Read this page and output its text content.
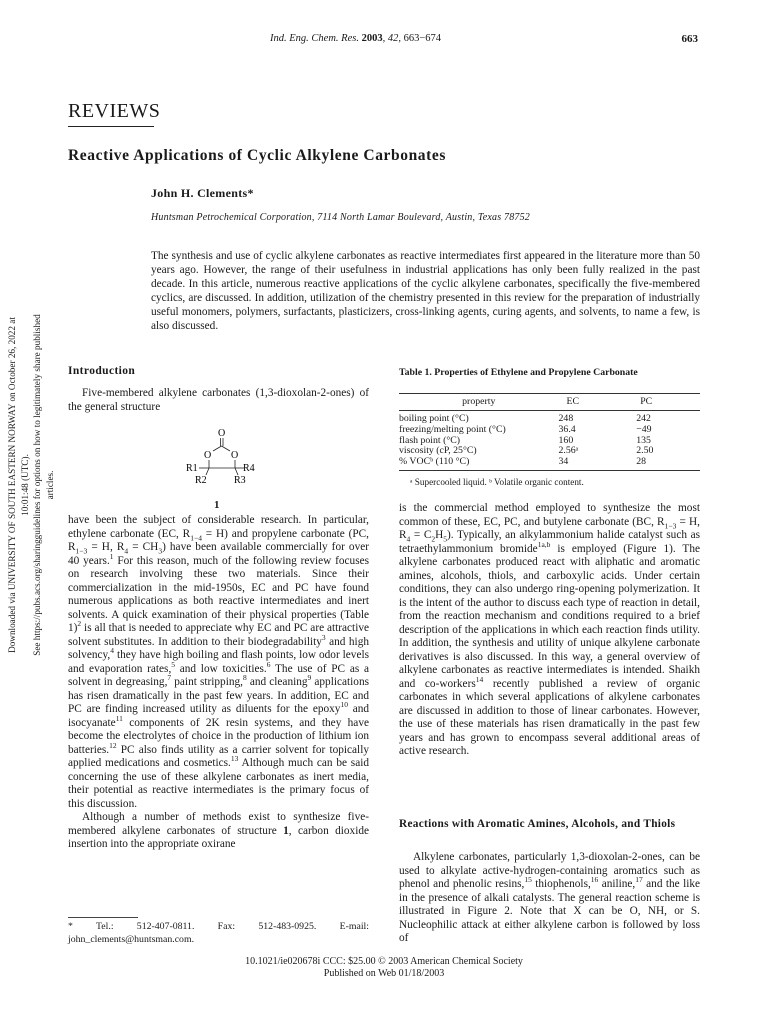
Ind. Eng. Chem. Res. 2003, 42, 663−674	663
Downloaded via UNIVERSITY OF SOUTH EASTERN NORWAY on October 26, 2022 at 10:01:48 (UTC). See https://pubs.acs.org/sharingguidelines for options on how to legitimately share published articles.
REVIEWS
Reactive Applications of Cyclic Alkylene Carbonates
John H. Clements*
Huntsman Petrochemical Corporation, 7114 North Lamar Boulevard, Austin, Texas 78752
The synthesis and use of cyclic alkylene carbonates as reactive intermediates first appeared in the literature more than 50 years ago. However, the range of their usefulness in industrial applications has only been fully realized in the past decade. In this article, numerous reactive applications of the cyclic alkylene carbonates, specifically the five-membered cyclics, are discussed. In addition, utilization of the chemistry presented in this review for the preparation of industrially useful monomers, polymers, surfactants, plasticizers, cross-linking agents, curing agents, and solvents, to name a few, is also discussed.
Introduction

Five-membered alkylene carbonates (1,3-dioxolan-2-ones) of the general structure

O
O O
R1
R2	R3
R4
1

have been the subject of considerable research. In particular, ethylene carbonate (EC, $R_{1-4} = H$) and propylene carbonate (PC, $R_{1-3} = H$, $R_4 = CH_3$) have been available commercially for over 40 years.$^1$ For this reason, much of the following review focuses on research involving these two materials. Since their commercialization in the mid-1950s, EC and PC have found numerous applications as both reactive intermediates and inert solvents. A quick examination of their physical properties (Table 1)$^2$ is all that is needed to appreciate why EC and PC are attractive solvent substitutes. In addition to their biodegradability$^3$ and high solvency,$^4$ they have high boiling and flash points, low odor levels and evaporation rates,$^5$ and low toxicities.$^6$ The use of PC as a solvent in degreasing,$^7$ paint stripping,$^8$ and cleaning$^9$ applications has risen dramatically in the past few years. In addition, EC and PC are finding increased utility as diluents for the epoxy$^{10}$ and isocyanate$^{11}$ components of 2K resin systems, and they have become the electrolytes of choice in the production of lithium ion batteries.$^{12}$ PC also finds utility as a carrier solvent for topically applied medications and cosmetics.$^{13}$ Although much can be said concerning the use of these alkylene carbonates as inert media, their potential as reactive intermediates is the primary focus of this discussion.

Although a number of methods exist to synthesize five-membered alkylene carbonates of structure 1, carbon dioxide insertion into the appropriate oxirane

* Tel.: 512-407-0811. Fax: 512-483-0925. E-mail: john_clements@huntsman.com.
Table 1. Properties of Ethylene and Propylene Carbonate
property	EC	PC
boiling point (°C)	248	242
freezing/melting point (°C)	36.4	−49
flash point (°C)	160	135
viscosity (cP, 25°C)	2.56ᵃ	2.50
% VOCᵇ (110 °C)	34	28
ᵃ Supercooled liquid. ᵇ Volatile organic content.

is the commercial method employed to synthesize the most common of these, EC, PC, and butylene carbonate (BC, $R_{1-3} = H$, $R_4 = C_2H_5$). Typically, an alkylammonium halide catalyst such as tetraethylammonium bromide$^{1a,b}$ is employed (Figure 1). The alkylene carbonates produced react with aliphatic and aromatic amines, alcohols, thiols, and carboxylic acids. Under certain conditions, they can also undergo ring-opening polymerization. It is the intent of the author to discuss each type of reaction in detail, from the reaction mechanism and conditions required to a brief description of the applications in which each reaction finds utility. In addition, the synthesis and utility of unique alkylene carbonate derivatives is also discussed. In this way, a general overview of alkylene carbonates as reactive intermediates is intended. Shaikh and co-workers$^{14}$ recently published a review of organic carbonates in which several applications of alkylene carbonates are discussed in addition to those of linear carbonates. However, the use of these materials has risen dramatically in the past few years and has grown to encompass several additional areas of active research.

Reactions with Aromatic Amines, Alcohols, and Thiols

Alkylene carbonates, particularly 1,3-dioxolan-2-ones, can be used to alkylate active-hydrogen-containing aromatics such as phenol and phenolic resins,$^{15}$ thiophenols,$^{16}$ aniline,$^{17}$ and the like in the presence of alkali catalysts. The general reaction scheme is illustrated in Figure 2. Note that X can be O, NH, or S. Nucleophilic attack at either alkylene carbon is followed by loss of

10.1021/ie020678i CCC: $25.00 © 2003 American Chemical Society
Published on Web 01/18/2003
